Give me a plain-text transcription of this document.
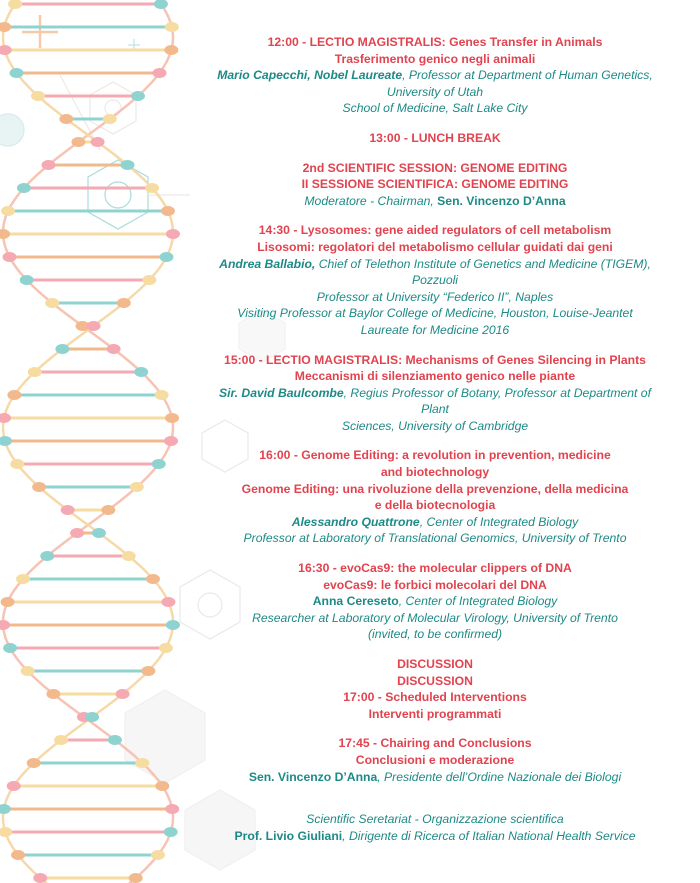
12:00 - LECTIO MAGISTRALIS: Genes Transfer in Animals
Trasferimento genico negli animali
Mario Capecchi, Nobel Laureate, Professor at Department of Human Genetics,
University of Utah
School of Medicine, Salt Lake City
13:00 - LUNCH BREAK
2nd SCIENTIFIC SESSION: GENOME EDITING
II SESSIONE SCIENTIFICA: GENOME EDITING
Moderatore - Chairman, Sen. Vincenzo D’Anna
14:30 - Lysosomes: gene aided regulators of cell metabolism
Lisosomi: regolatori del metabolismo cellular guidati dai geni
Andrea Ballabio, Chief of Telethon Institute of Genetics and Medicine (TIGEM), Pozzuoli
Professor at University “Federico II”, Naples
Visiting Professor at Baylor College of Medicine, Houston, Louise-Jeantet
Laureate for Medicine 2016
15:00 - LECTIO MAGISTRALIS: Mechanisms of Genes Silencing in Plants
Meccanismi di silenziamento genico nelle piante
Sir. David Baulcombe, Regius Professor of Botany, Professor at Department of Plant
Sciences, University of Cambridge
16:00 - Genome Editing: a revolution in prevention, medicine
and biotechnology
Genome Editing: una rivoluzione della prevenzione, della medicina
e della biotecnologia
Alessandro Quattrone, Center of Integrated Biology
Professor at Laboratory of Translational Genomics, University of Trento
16:30 - evoCas9: the molecular clippers of DNA
evoCas9: le forbici molecolari del DNA
Anna Cereseto, Center of Integrated Biology
Researcher at Laboratory of Molecular Virology, University of Trento
(invited, to be confirmed)
DISCUSSION
DISCUSSION
17:00 - Scheduled Interventions
Interventi programmati
17:45 - Chairing and Conclusions
Conclusioni e moderazione
Sen. Vincenzo D’Anna, Presidente dell’Ordine Nazionale dei Biologi
Scientific Seretariat - Organizzazione scientifica
Prof. Livio Giuliani, Dirigente di Ricerca of Italian National Health Service
